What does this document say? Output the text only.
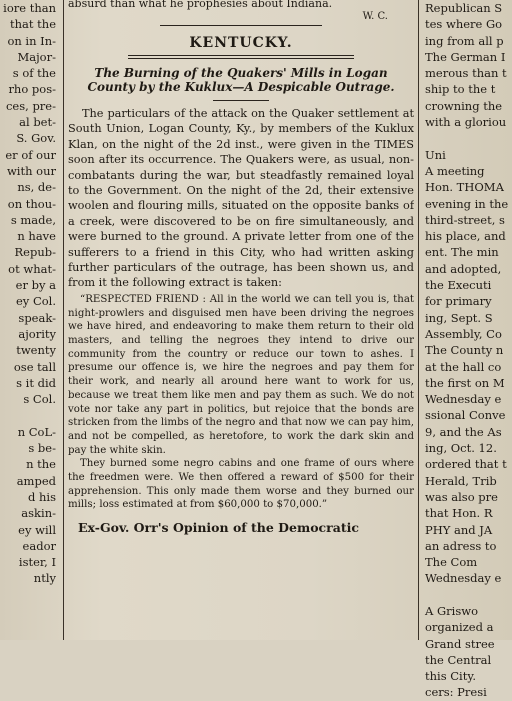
iore than
that the
on in In-
Major-
s of the
rho pos-
ces, pre-
al bet-
S. Gov.
er of our
with our
ns, de-
on thou-
s made,
n have
Repub-
ot what-
er by a
ey Col.
speak-
ajority
twenty
ose tall
s it did
s Col.

n CoL-
s be-
n the
amped
d his
askin-
ey will
eador
ister, I
ntly
absurd than what he prophesies about Indiana.
W. C.
KENTUCKY.
The Burning of the Quakers' Mills in Logan County by the Kuklux—A Despicable Outrage.

The particulars of the attack on the Quaker settlement at South Union, Logan County, Ky., by members of the Kuklux Klan, on the night of the 2d inst., were given in the TIMES soon after its occurrence. The Quakers were, as usual, non-combatants during the war, but steadfastly remained loyal to the Government. On the night of the 2d, their extensive woolen and flouring mills, situated on the opposite banks of a creek, were discovered to be on fire simultaneously, and were burned to the ground. A private letter from one of the sufferers to a friend in this City, who had written asking further particulars of the outrage, has been shown us, and from it the following extract is taken:

“RESPECTED FRIEND : All in the world we can tell you is, that night-prowlers and disguised men have been driving the negroes we have hired, and endeavoring to make them return to their old masters, and telling the negroes they intend to drive our community from the country or reduce our town to ashes. I presume our offence is, we hire the negroes and pay them for their work, and nearly all around here want to work for us, because we treat them like men and pay them as such. We do not vote nor take any part in politics, but rejoice that the bonds are stricken from the limbs of the negro and that now we can pay him, and not be compelled, as heretofore, to work the dark skin and pay the white skin.

They burned some negro cabins and one frame of ours where the freedmen were. We then offered a reward of $500 for their apprehension. This only made them worse and they burned our mills; loss estimated at from $60,000 to $70,000.”

Ex-Gov. Orr's Opinion of the Democratic
Republican S
tes where Go
ing from all p
The German I
merous than t
ship to the t
crowning the
with a gloriou

Uni
A meeting
Hon. THOMA
evening in the
third-street, s
his place, and
ent. The min
and adopted,
the Executi
for primary
ing, Sept. S
Assembly, Co
The County n
at the hall co
the first on M
Wednesday e
ssional Conve
9, and the As
ing, Oct. 12.
ordered that t
Herald, Trib
was also pre
that Hon. R
PHY and JA
an adress to
The Com
Wednesday e

A Griswo
organized a
Grand stree
the Central
this City.
cers: Presi
